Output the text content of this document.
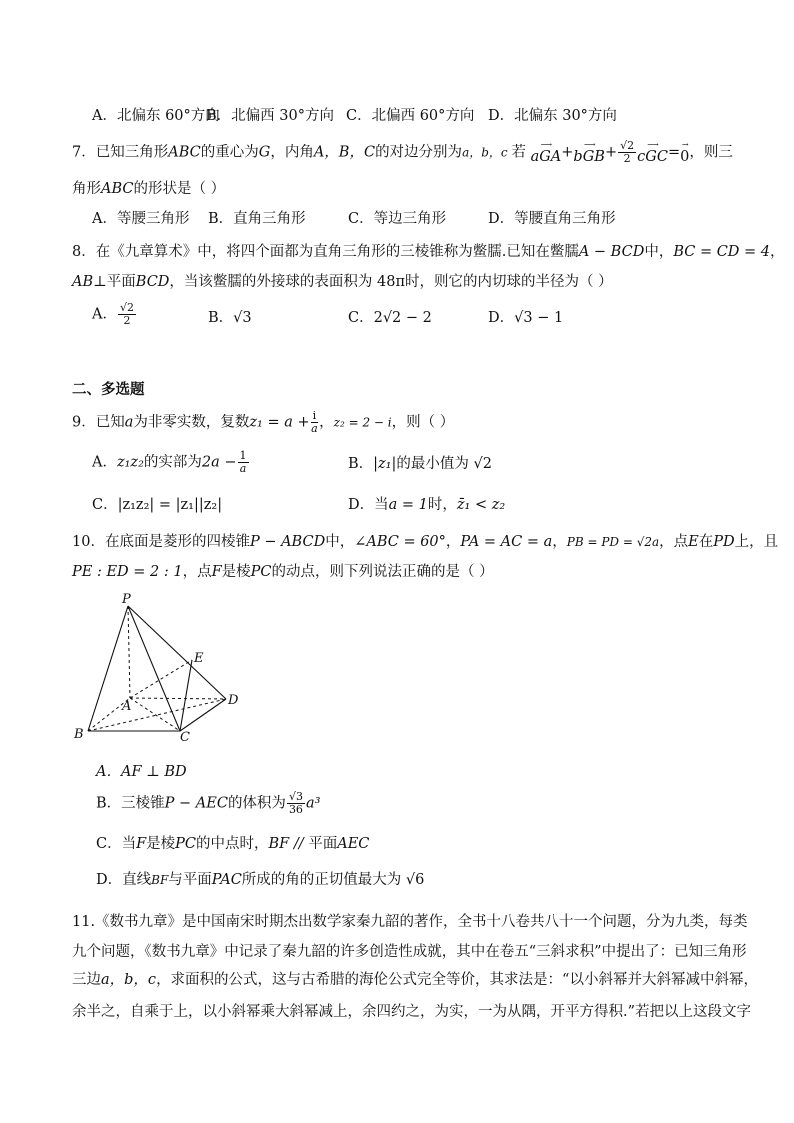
A．北偏东 60°方向
B．北偏西 30°方向 C．北偏西 60°方向 D．北偏东 30°方向
7．已知三角形ABC的重心为G，内角A，B，C的对边分别为a，b，c 若 ⟶
aGA + ⟶
bGB + $\frac{√2}{2}$ ⟶
cGC = →
0 ，则三
角形ABC的形状是（ ）
A．等腰三角形 B．直角三角形	C．等边三角形	D．等腰直角三角形
8．在《九章算术》中，将四个面都为直角三角形的三棱锥称为鳖臑.已知在鳖臑A − BCD中，BC = CD = 4，
AB⊥平面BCD，当该鳖臑的外接球的表面积为 48π时，则它的内切球的半径为（ ）
A． $\frac{√2}{2}$	B．√3	C．2√2 − 2	D．√3 − 1
二、多选题
9．已知a为非零实数，复数$z_1 = a + \frac{i}{a}$ ，z₂ = 2 − i，则（ ）
A．z₁z₂的实部为$2a - \frac{1}{a}$	B．|z₁|的最小值为 √2
C．|z₁z₂| = |z₁||z₂|	D．当a = 1时，z̄₁ < z₂
10．在底面是菱形的四棱锥P − ABCD中，∠ABC = 60°，PA = AC = a，PB = PD = √2a，点E在PD上，且
PE : ED = 2 : 1，点F是棱PC的动点，则下列说法正确的是（ ）
P
E
A	D
B	C
A．AF ⊥ BD
B．三棱锥P − AEC的体积为 $\frac{√3}{36} a^3$
C．当F是棱PC的中点时，BF // 平面AEC
D．直线BF与平面PAC所成的角的正切值最大为 √6
11.《数书九章》是中国南宋时期杰出数学家秦九韶的著作，全书十八卷共八十一个问题，分为九类，每类
九个问题，《数书九章》中记录了秦九韶的许多创造性成就，其中在卷五“三斜求积”中提出了：已知三角形
三边a，b，c，求面积的公式，这与古希腊的海伦公式完全等价，其求法是：“以小斜幂并大斜幂减中斜幂，
余半之，自乘于上，以小斜幂乘大斜幂减上，余四约之，为实，一为从隅，开平方得积.”若把以上这段文字
